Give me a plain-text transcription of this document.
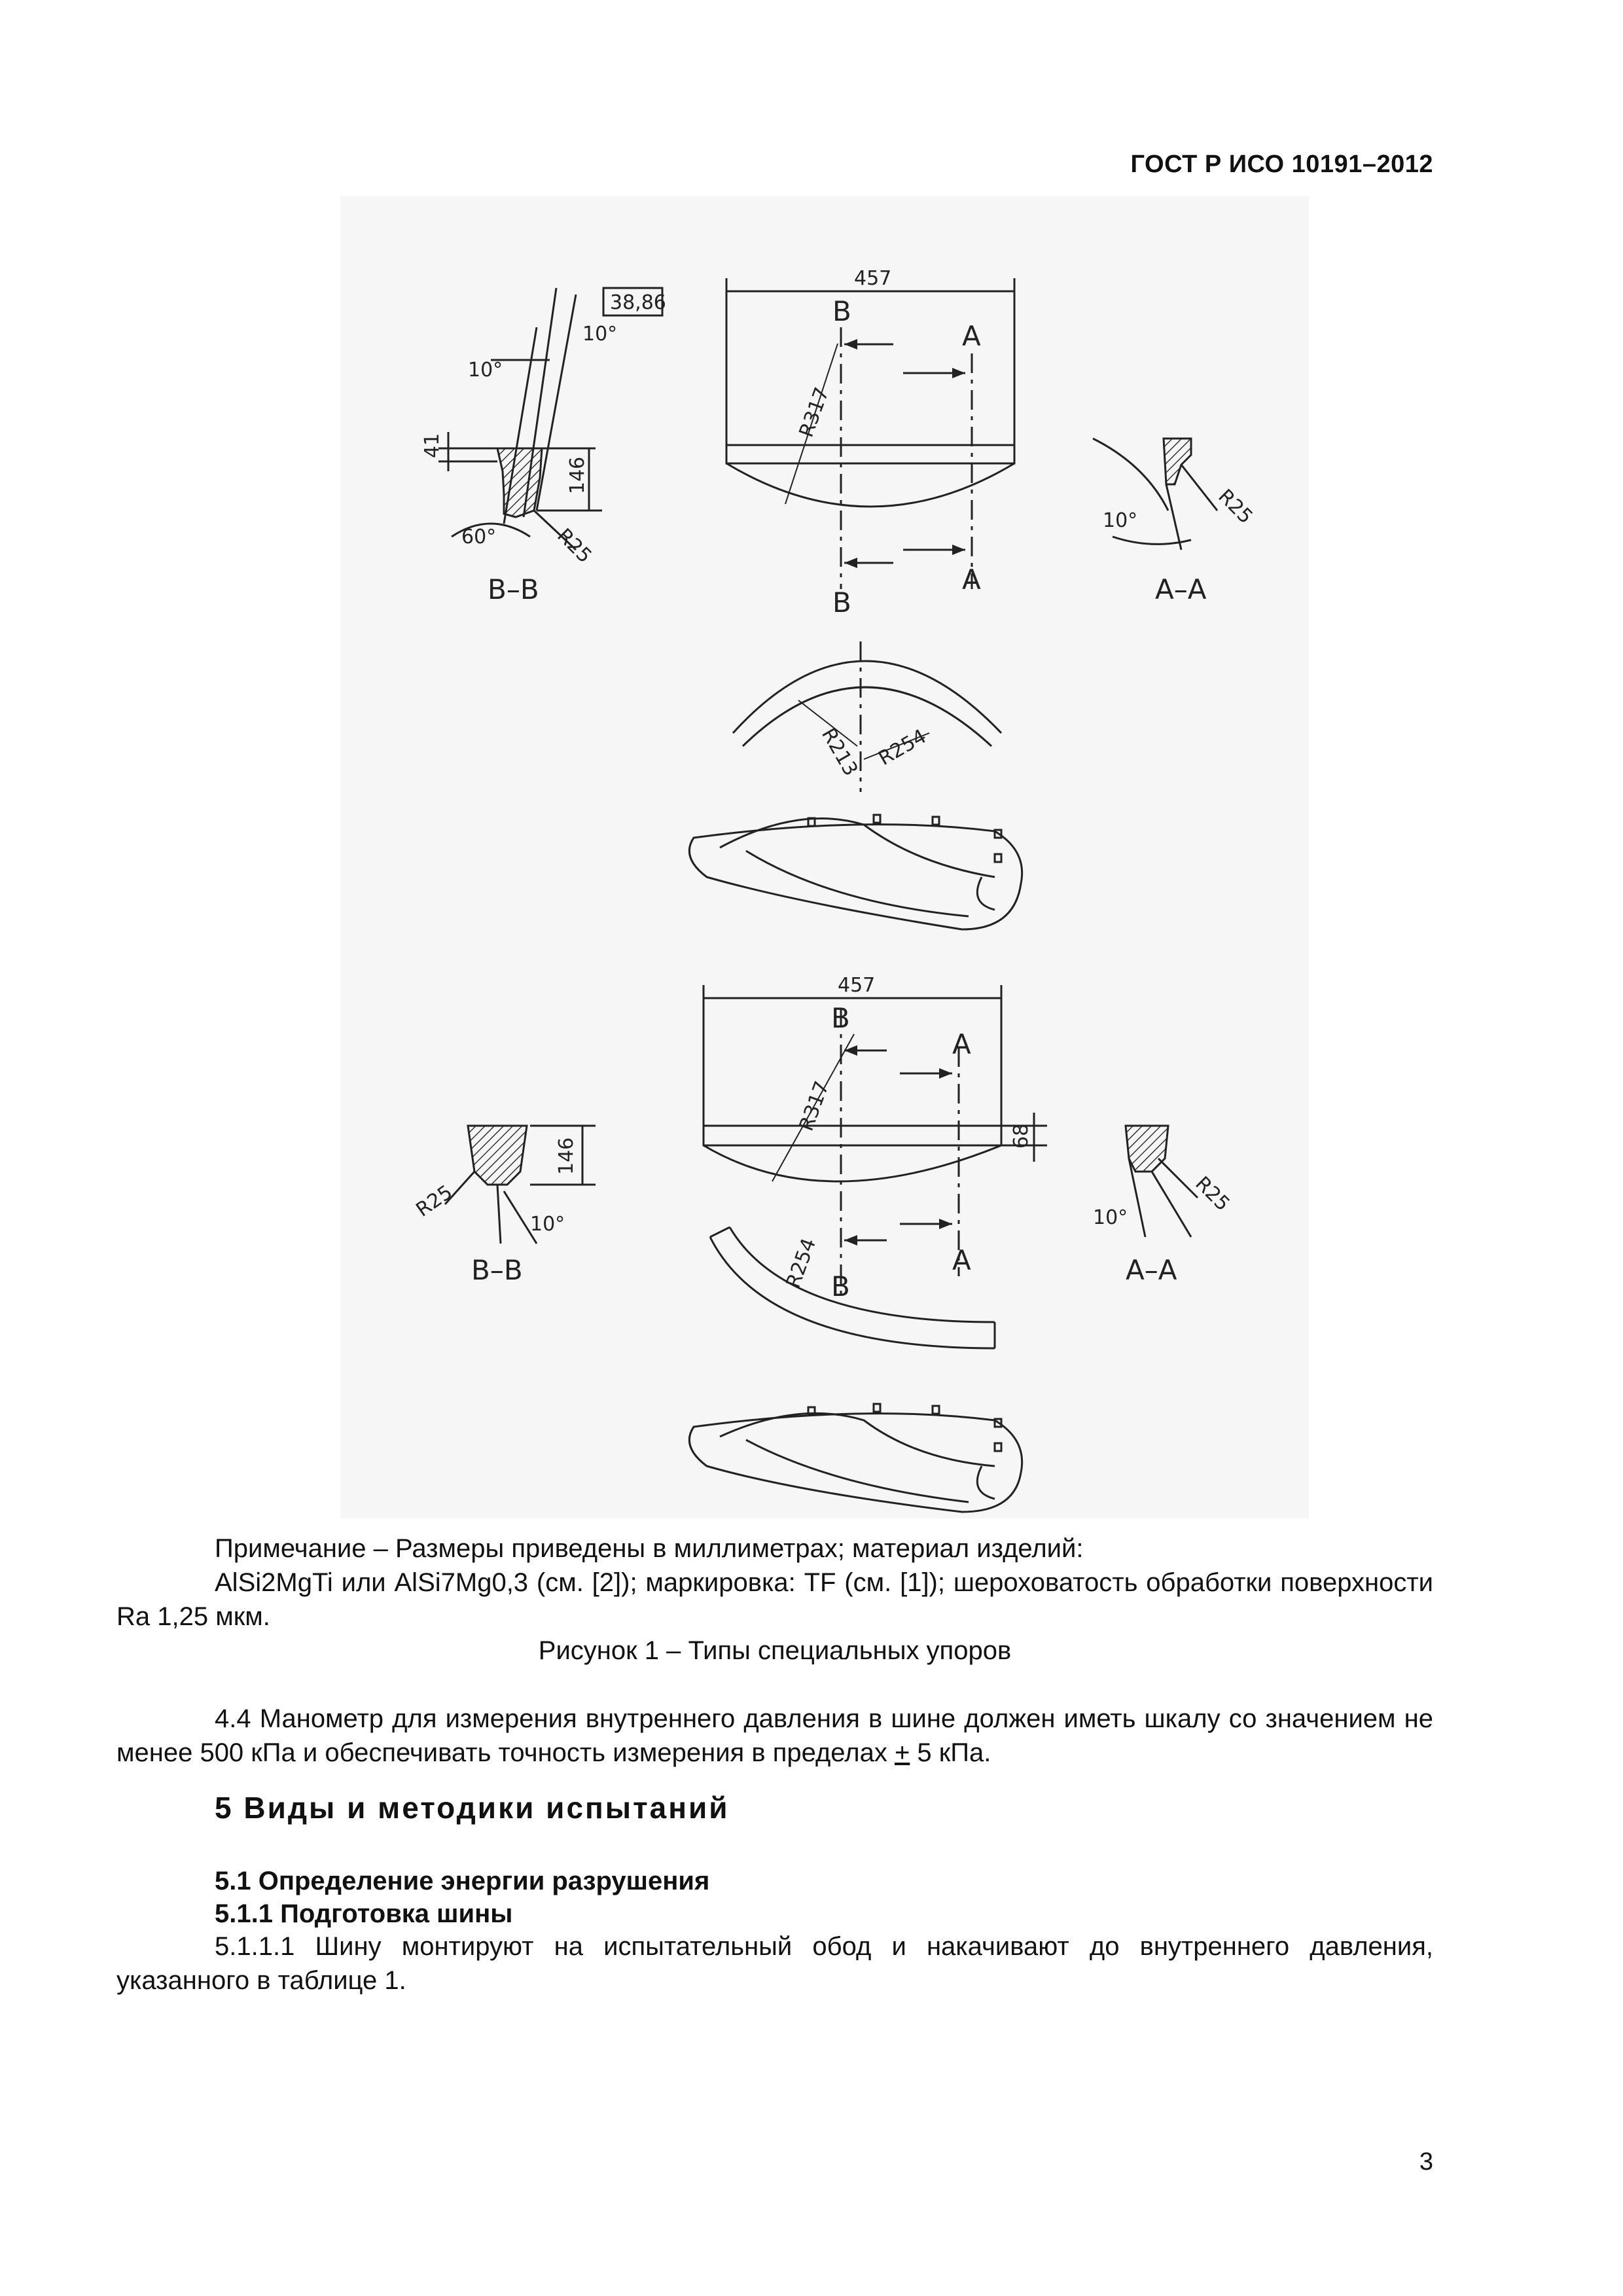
ГОСТ Р ИСО 10191–2012
38,86
10°
10°
41
146
60°	R25
B–B
457
B
A
R317
A
B
10°	R25
A–A
R213 R254
457
B
A
R317
68
R254	A
B
146
R25
10°
B–B
R25
10°
A–A
Примечание – Размеры приведены в миллиметрах; материал изделий:
AlSi2MgTi или AlSi7Mg0,3 (см. [2]); маркировка: TF (см. [1]); шероховатость обработки поверхности Ra 1,25 мкм.
Рисунок 1 – Типы специальных упоров
4.4 Манометр для измерения внутреннего давления в шине должен иметь шкалу со значением не менее 500 кПа и обеспечивать точность измерения в пределах + 5 кПа.
5 Виды и методики испытаний
5.1 Определение энергии разрушения
5.1.1 Подготовка шины
5.1.1.1 Шину монтируют на испытательный обод и накачивают до внутреннего давления, указанного в таблице 1.
3
